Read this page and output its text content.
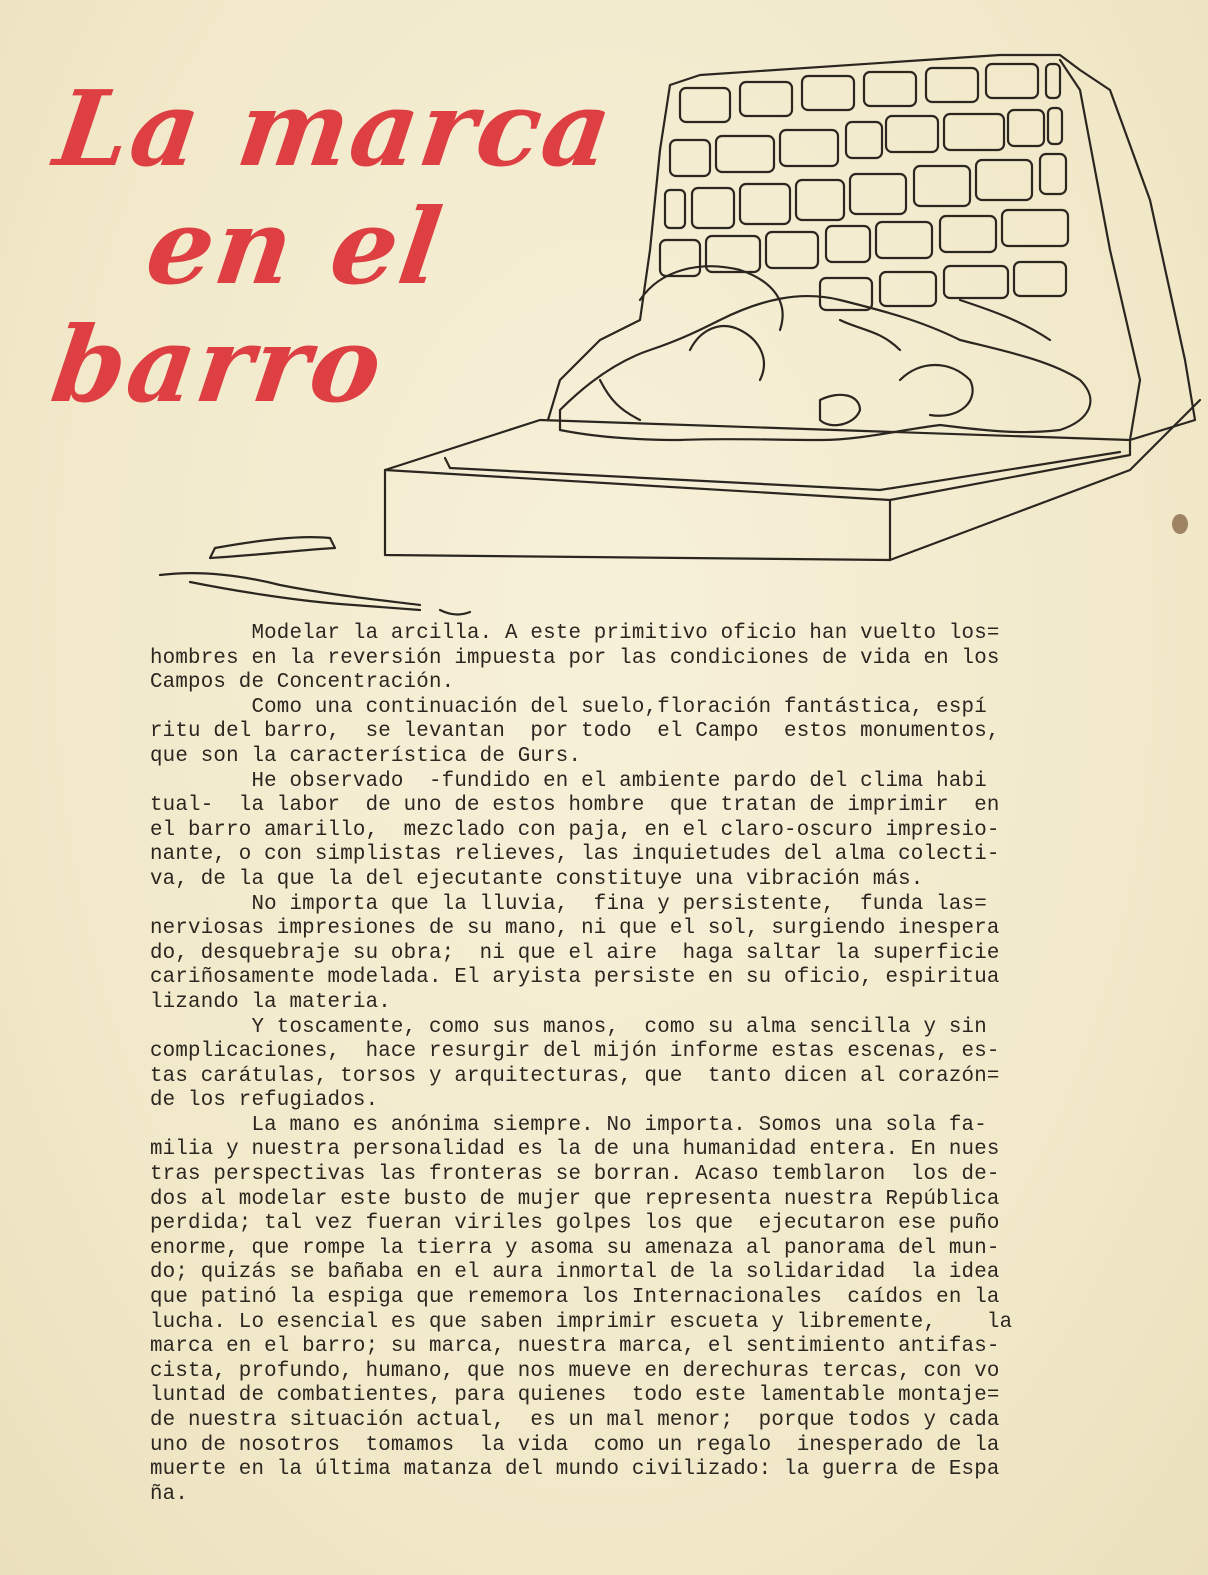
La marca
en el
barro
Modelar la arcilla. A este primitivo oficio han vuelto los=
hombres en la reversión impuesta por las condiciones de vida en los
Campos de Concentración.
Como una continuación del suelo,floración fantástica, espí
ritu del barro,  se levantan  por todo  el Campo  estos monumentos,
que son la característica de Gurs.
He observado  -fundido en el ambiente pardo del clima habi
tual-  la labor  de uno de estos hombre  que tratan de imprimir  en
el barro amarillo,  mezclado con paja, en el claro-oscuro impresio-
nante, o con simplistas relieves, las inquietudes del alma colecti-
va, de la que la del ejecutante constituye una vibración más.
No importa que la lluvia,  fina y persistente,  funda las=
nerviosas impresiones de su mano, ni que el sol, surgiendo inespera
do, desquebraje su obra;  ni que el aire  haga saltar la superficie
cariñosamente modelada. El aryista persiste en su oficio, espiritua
lizando la materia.
Y toscamente, como sus manos,  como su alma sencilla y sin
complicaciones,  hace resurgir del mijón informe estas escenas, es-
tas carátulas, torsos y arquitecturas, que  tanto dicen al corazón=
de los refugiados.
La mano es anónima siempre. No importa. Somos una sola fa-
milia y nuestra personalidad es la de una humanidad entera. En nues
tras perspectivas las fronteras se borran. Acaso temblaron  los de-
dos al modelar este busto de mujer que representa nuestra República
perdida; tal vez fueran viriles golpes los que  ejecutaron ese puño
enorme, que rompe la tierra y asoma su amenaza al panorama del mun-
do; quizás se bañaba en el aura inmortal de la solidaridad  la idea
que patinó la espiga que rememora los Internacionales  caídos en la
lucha. Lo esencial es que saben imprimir escueta y libremente,    la
marca en el barro; su marca, nuestra marca, el sentimiento antifas-
cista, profundo, humano, que nos mueve en derechuras tercas, con vo
luntad de combatientes, para quienes  todo este lamentable montaje=
de nuestra situación actual,  es un mal menor;  porque todos y cada
uno de nosotros  tomamos  la vida  como un regalo  inesperado de la
muerte en la última matanza del mundo civilizado: la guerra de Espa
ña.
